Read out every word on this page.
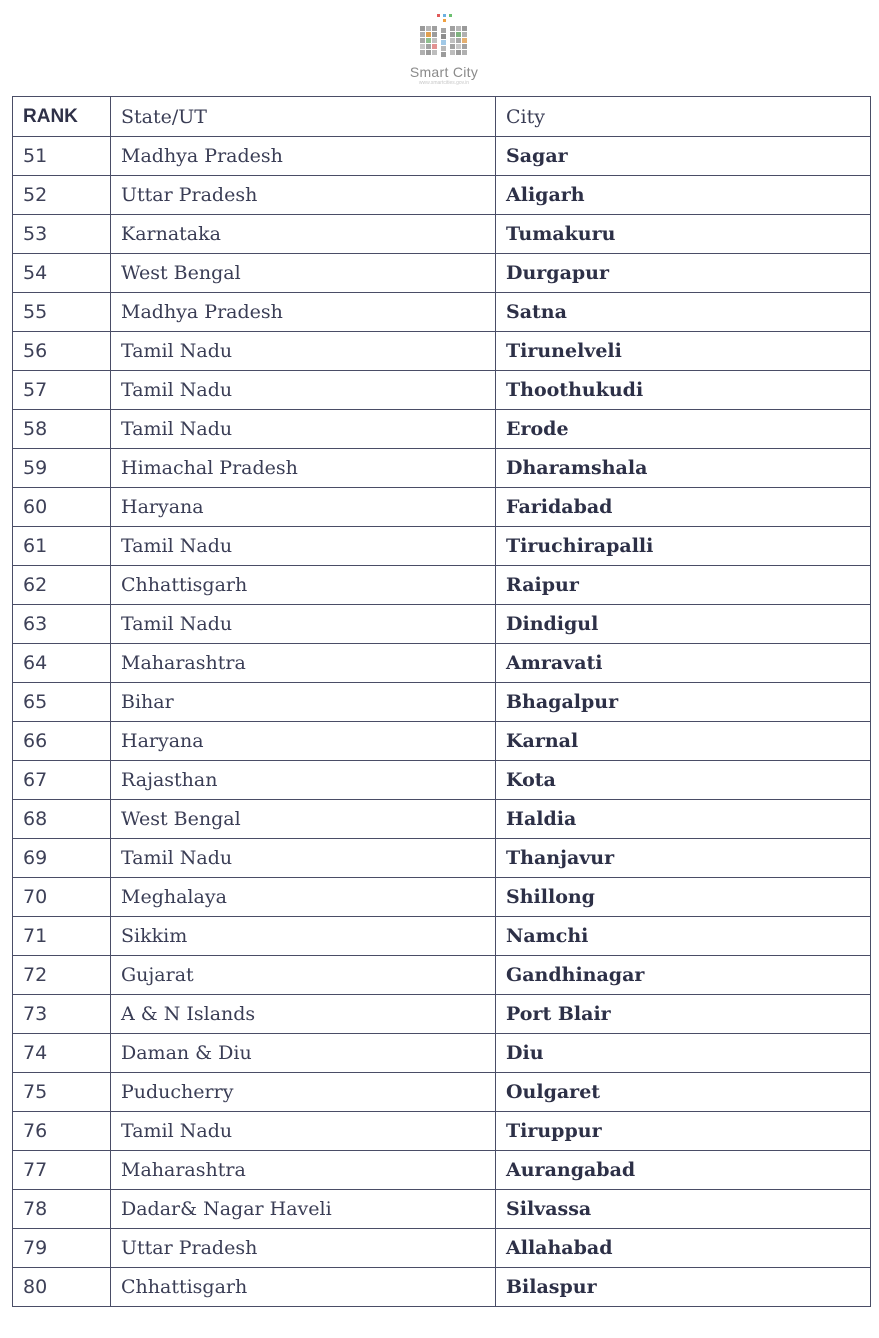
Smart City
www.smartcities.gov.in
RANK	State/UT	City
51	Madhya Pradesh	Sagar
52	Uttar Pradesh	Aligarh
53	Karnataka	Tumakuru
54	West Bengal	Durgapur
55	Madhya Pradesh	Satna
56	Tamil Nadu	Tirunelveli
57	Tamil Nadu	Thoothukudi
58	Tamil Nadu	Erode
59	Himachal Pradesh	Dharamshala
60	Haryana	Faridabad
61	Tamil Nadu	Tiruchirapalli
62	Chhattisgarh	Raipur
63	Tamil Nadu	Dindigul
64	Maharashtra	Amravati
65	Bihar	Bhagalpur
66	Haryana	Karnal
67	Rajasthan	Kota
68	West Bengal	Haldia
69	Tamil Nadu	Thanjavur
70	Meghalaya	Shillong
71	Sikkim	Namchi
72	Gujarat	Gandhinagar
73	A & N Islands	Port Blair
74	Daman & Diu	Diu
75	Puducherry	Oulgaret
76	Tamil Nadu	Tiruppur
77	Maharashtra	Aurangabad
78	Dadar& Nagar Haveli	Silvassa
79	Uttar Pradesh	Allahabad
80	Chhattisgarh	Bilaspur
